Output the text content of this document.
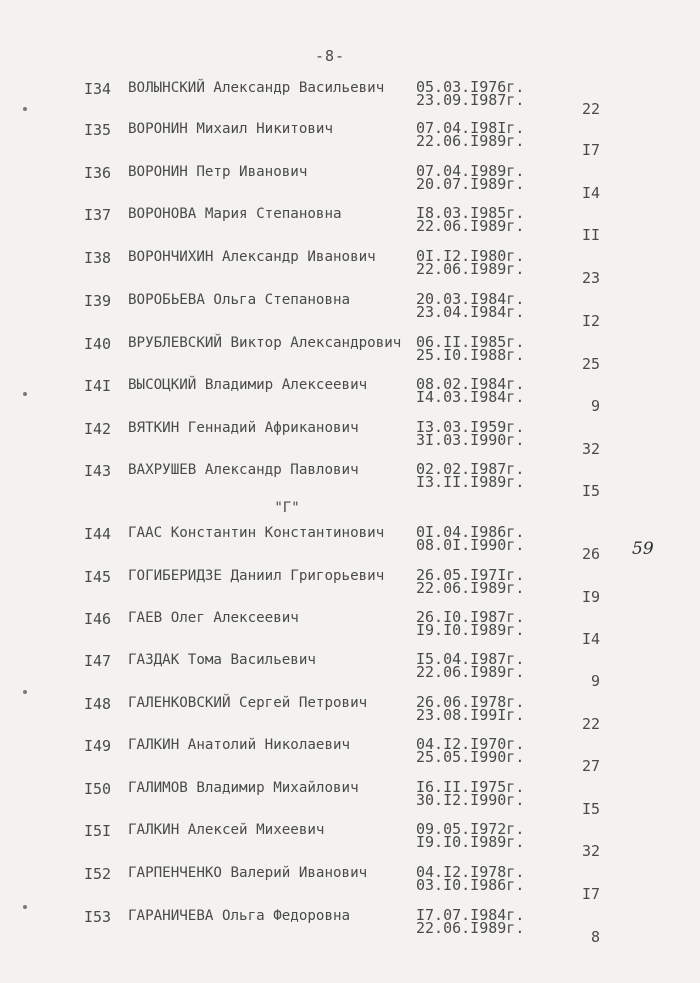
-8-
I34 ВОЛЫНСКИЙ Александр Васильевич 05.03.I976г.
23.09.I987г.	22
I35 ВОРОНИН Михаил Никитович	07.04.I98Iг.
22.06.I989г.	I7
I36 ВОРОНИН Петр Иванович	07.04.I989г.
20.07.I989г.	I4
I37 ВОРОНОВА Мария Степановна	I8.03.I985г.
22.06.I989г.	II
I38 ВОРОНЧИХИН Александр Иванович	0I.I2.I980г.
22.06.I989г.	23
I39 ВОРОБЬЕВА Ольга Степановна	20.03.I984г.
23.04.I984г.	I2
I40 ВРУБЛЕВСКИЙ Виктор Александрович 06.II.I985г.
25.I0.I988г.	25
I4I ВЫСОЦКИЙ Владимир Алексеевич	08.02.I984г.
I4.03.I984г.	9
I42 ВЯТКИН Геннадий Африканович	I3.03.I959г.
3I.03.I990г.	32
I43 ВАХРУШЕВ Александр Павлович	02.02.I987г.
I3.II.I989г.	I5
I44 ГААС Константин Константинович 0I.04.I986г.
08.0I.I990г.	26
I45 ГОГИБЕРИДЗЕ Даниил Григорьевич 26.05.I97Iг.
22.06.I989г.	I9
I46 ГАЕВ Олег Алексеевич	26.I0.I987г.
I9.I0.I989г.	I4
I47 ГАЗДАК Тома Васильевич	I5.04.I987г.
22.06.I989г.	9
I48 ГАЛЕНКОВСКИЙ Сергей Петрович	26.06.I978г.
23.08.I99Iг.	22
I49 ГАЛКИН Анатолий Николаевич	04.I2.I970г.
25.05.I990г.	27
I50 ГАЛИМОВ Владимир Михайлович	I6.II.I975г.
30.I2.I990г.	I5
I5I ГАЛКИН Алексей Михеевич	09.05.I972г.
I9.I0.I989г.	32
I52 ГАРПЕНЧЕНКО Валерий Иванович	04.I2.I978г.
03.I0.I986г.	I7
I53 ГАРАНИЧЕВА Ольга Федоровна	I7.07.I984г.
22.06.I989г.	8
"Г"
59
